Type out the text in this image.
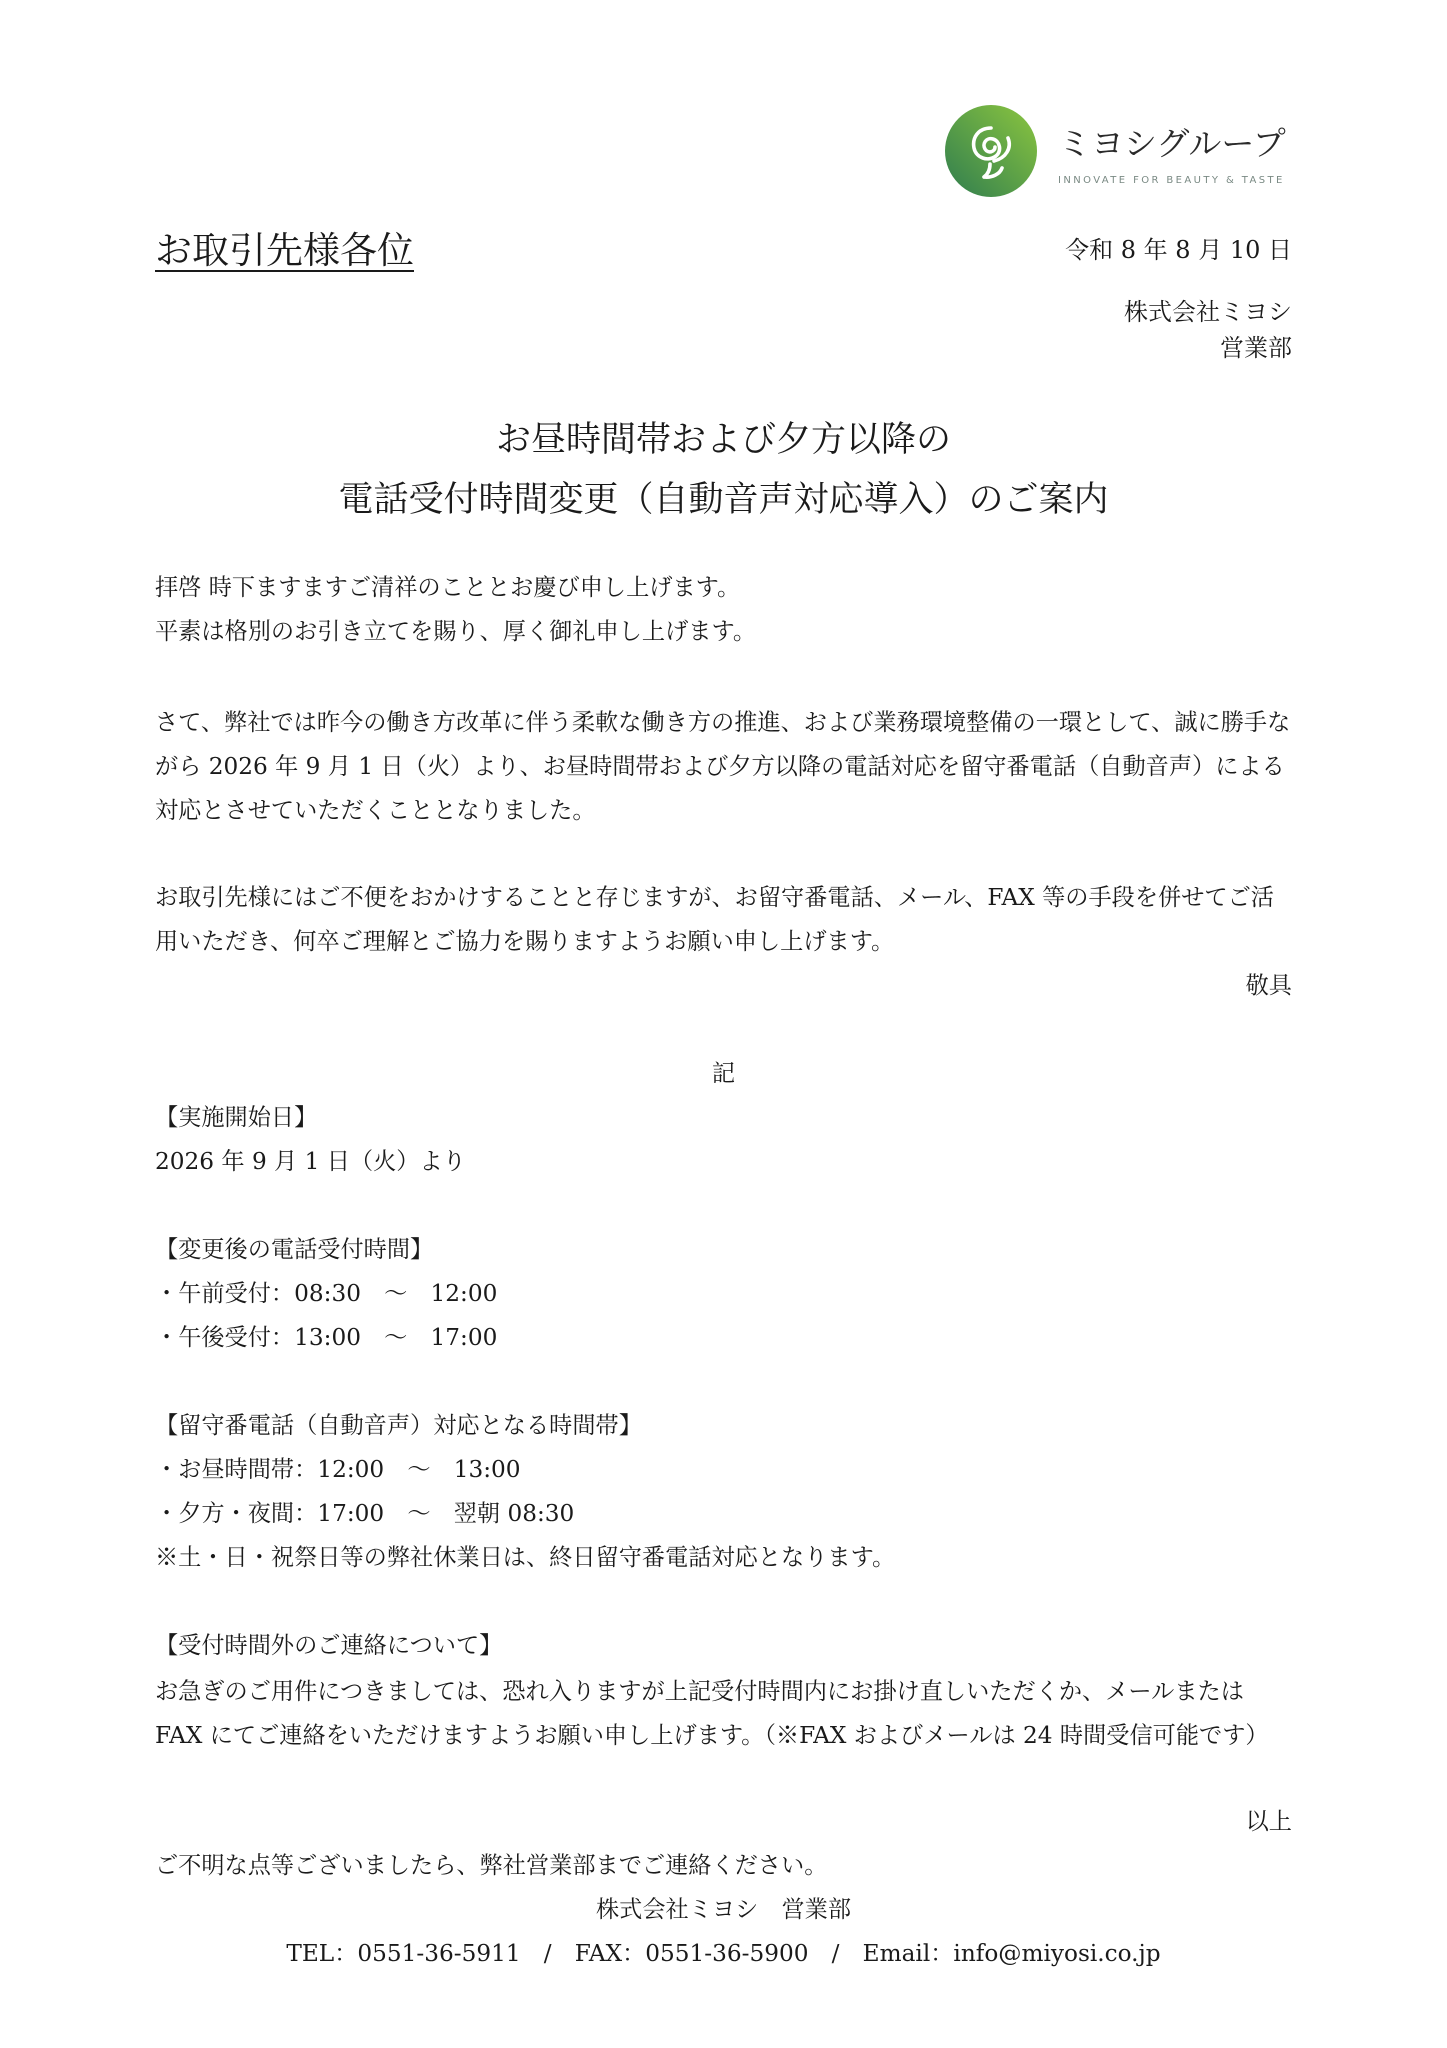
ミヨシグループ
INNOVATE FOR BEAUTY & TASTE
お取引先様各位	令和 8 年 8 月 10 日
株式会社ミヨシ
営業部
お昼時間帯および夕方以降の
電話受付時間変更（自動音声対応導入）のご案内
拝啓 時下ますますご清祥のこととお慶び申し上げます。
平素は格別のお引き立てを賜り、厚く御礼申し上げます。
さて、弊社では昨今の働き方改革に伴う柔軟な働き方の推進、および業務環境整備の一環として、誠に勝手ながら 2026 年 9 月 1 日（火）より、お昼時間帯および夕方以降の電話対応を留守番電話（自動音声）による対応とさせていただくこととなりました。
お取引先様にはご不便をおかけすることと存じますが、お留守番電話、メール、FAX 等の手段を併せてご活用いただき、何卒ご理解とご協力を賜りますようお願い申し上げます。
敬具
記
【実施開始日】
2026 年 9 月 1 日（火）より
【変更後の電話受付時間】
・午前受付：08:30　～　12:00
・午後受付：13:00　～　17:00
【留守番電話（自動音声）対応となる時間帯】
・お昼時間帯：12:00　～　13:00
・夕方・夜間：17:00　～　翌朝 08:30
※土・日・祝祭日等の弊社休業日は、終日留守番電話対応となります。
【受付時間外のご連絡について】
お急ぎのご用件につきましては、恐れ入りますが上記受付時間内にお掛け直しいただくか、メールまたは FAX にてご連絡をいただけますようお願い申し上げます。（※FAX およびメールは 24 時間受信可能です）
以上
ご不明な点等ございましたら、弊社営業部までご連絡ください。
株式会社ミヨシ　営業部
TEL：0551-36-5911　/　FAX：0551-36-5900　/　Email：info@miyosi.co.jp
